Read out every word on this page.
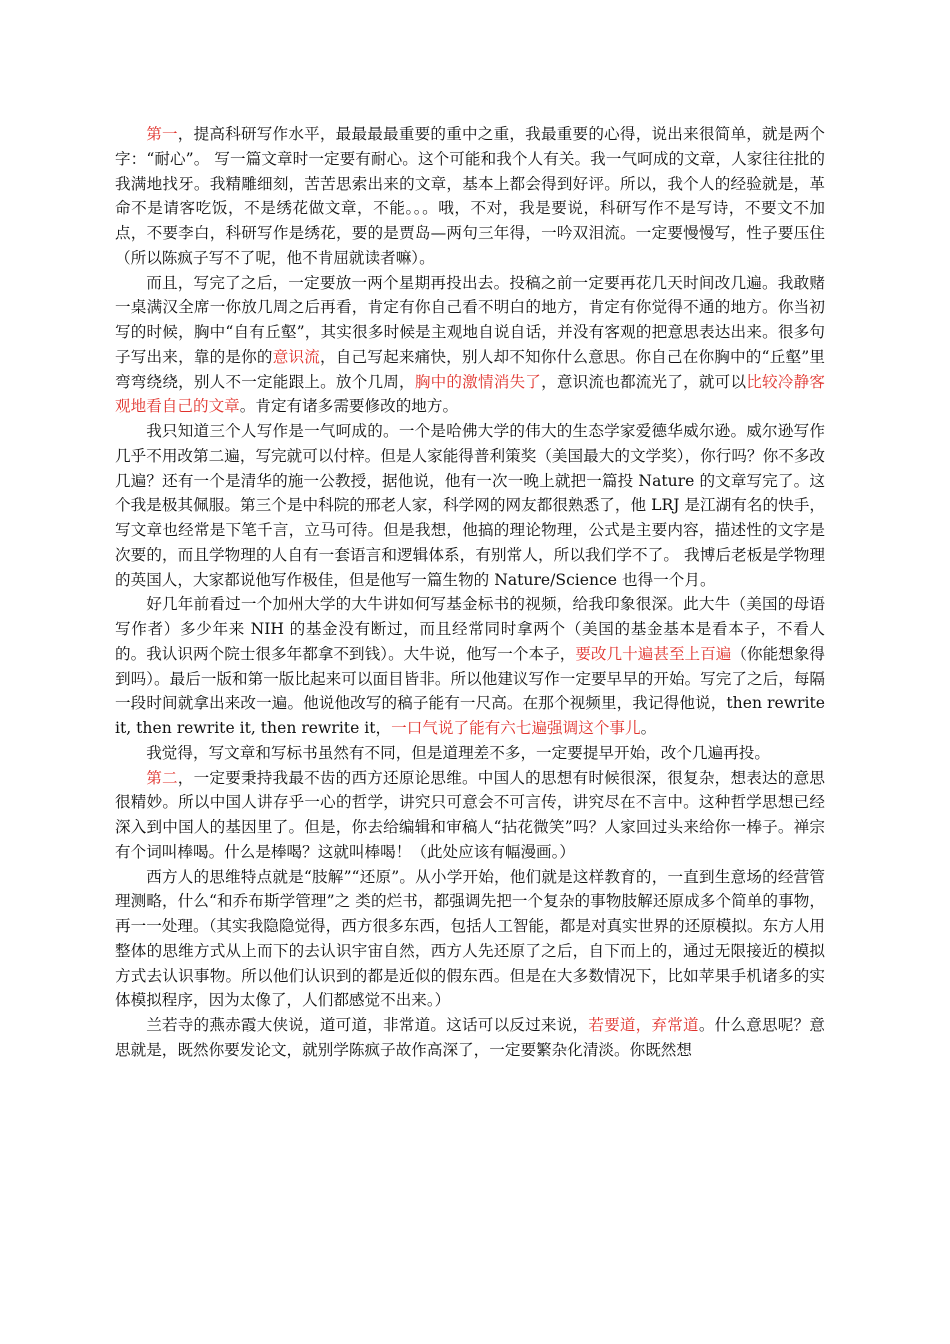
第一，提高科研写作水平，最最最最重要的重中之重，我最重要的心得，说出来很简单，就是两个字：“耐心”。 写一篇文章时一定要有耐心。这个可能和我个人有关。我一气呵成的文章，人家往往批的我满地找牙。我精雕细刻，苦苦思索出来的文章，基本上都会得到好评。所以，我个人的经验就是，革命不是请客吃饭，不是绣花做文章，不能。。。哦，不对，我是要说，科研写作不是写诗，不要文不加点，不要李白，科研写作是绣花，要的是贾岛—两句三年得，一吟双泪流。一定要慢慢写，性子要压住（所以陈疯子写不了呢，他不肯屈就读者嘛）。

而且，写完了之后，一定要放一两个星期再投出去。投稿之前一定要再花几天时间改几遍。我敢赌一桌满汉全席一你放几周之后再看，肯定有你自己看不明白的地方，肯定有你觉得不通的地方。你当初写的时候，胸中“自有丘壑”，其实很多时候是主观地自说自话，并没有客观的把意思表达出来。很多句子写出来，靠的是你的意识流，自己写起来痛快，别人却不知你什么意思。你自己在你胸中的“丘壑”里弯弯绕绕，别人不一定能跟上。放个几周，胸中的激情消失了，意识流也都流光了，就可以比较冷静客观地看自己的文章。肯定有诸多需要修改的地方。

我只知道三个人写作是一气呵成的。一个是哈佛大学的伟大的生态学家爱德华威尔逊。威尔逊写作几乎不用改第二遍，写完就可以付梓。但是人家能得普利策奖（美国最大的文学奖），你行吗？你不多改几遍？还有一个是清华的施一公教授，据他说，他有一次一晚上就把一篇投 Nature 的文章写完了。这个我是极其佩服。第三个是中科院的邢老人家，科学网的网友都很熟悉了，他 LRJ 是江湖有名的快手，写文章也经常是下笔千言，立马可待。但是我想，他搞的理论物理，公式是主要内容，描述性的文字是次要的，而且学物理的人自有一套语言和逻辑体系，有别常人，所以我们学不了。 我博后老板是学物理的英国人，大家都说他写作极佳，但是他写一篇生物的 Nature/Science 也得一个月。

好几年前看过一个加州大学的大牛讲如何写基金标书的视频，给我印象很深。此大牛（美国的母语写作者）多少年来 NIH 的基金没有断过，而且经常同时拿两个（美国的基金基本是看本子，不看人的。我认识两个院士很多年都拿不到钱）。大牛说，他写一个本子，要改几十遍甚至上百遍（你能想象得到吗）。最后一版和第一版比起来可以面目皆非。所以他建议写作一定要早早的开始。写完了之后，每隔一段时间就拿出来改一遍。他说他改写的稿子能有一尺高。在那个视频里，我记得他说，then rewrite it, then rewrite it, then rewrite it，一口气说了能有六七遍强调这个事儿。

我觉得，写文章和写标书虽然有不同，但是道理差不多，一定要提早开始，改个几遍再投。

第二，一定要秉持我最不齿的西方还原论思维。中国人的思想有时候很深，很复杂，想表达的意思很精妙。所以中国人讲存乎一心的哲学，讲究只可意会不可言传，讲究尽在不言中。这种哲学思想已经深入到中国人的基因里了。但是，你去给编辑和审稿人“拈花微笑”吗？人家回过头来给你一棒子。禅宗有个词叫棒喝。什么是棒喝？这就叫棒喝！（此处应该有幅漫画。）

西方人的思维特点就是“肢解”“还原”。从小学开始，他们就是这样教育的，一直到生意场的经营管理测略，什么“和乔布斯学管理”之 类的烂书，都强调先把一个复杂的事物肢解还原成多个简单的事物，再一一处理。（其实我隐隐觉得，西方很多东西，包括人工智能，都是对真实世界的还原模拟。东方人用整体的思维方式从上而下的去认识宇宙自然，西方人先还原了之后，自下而上的，通过无限接近的模拟方式去认识事物。所以他们认识到的都是近似的假东西。但是在大多数情况下，比如苹果手机诸多的实体模拟程序，因为太像了，人们都感觉不出来。）

兰若寺的燕赤霞大侠说，道可道，非常道。这话可以反过来说，若要道，弃常道。什么意思呢？意思就是，既然你要发论文，就别学陈疯子故作高深了，一定要繁杂化清淡。你既然想
